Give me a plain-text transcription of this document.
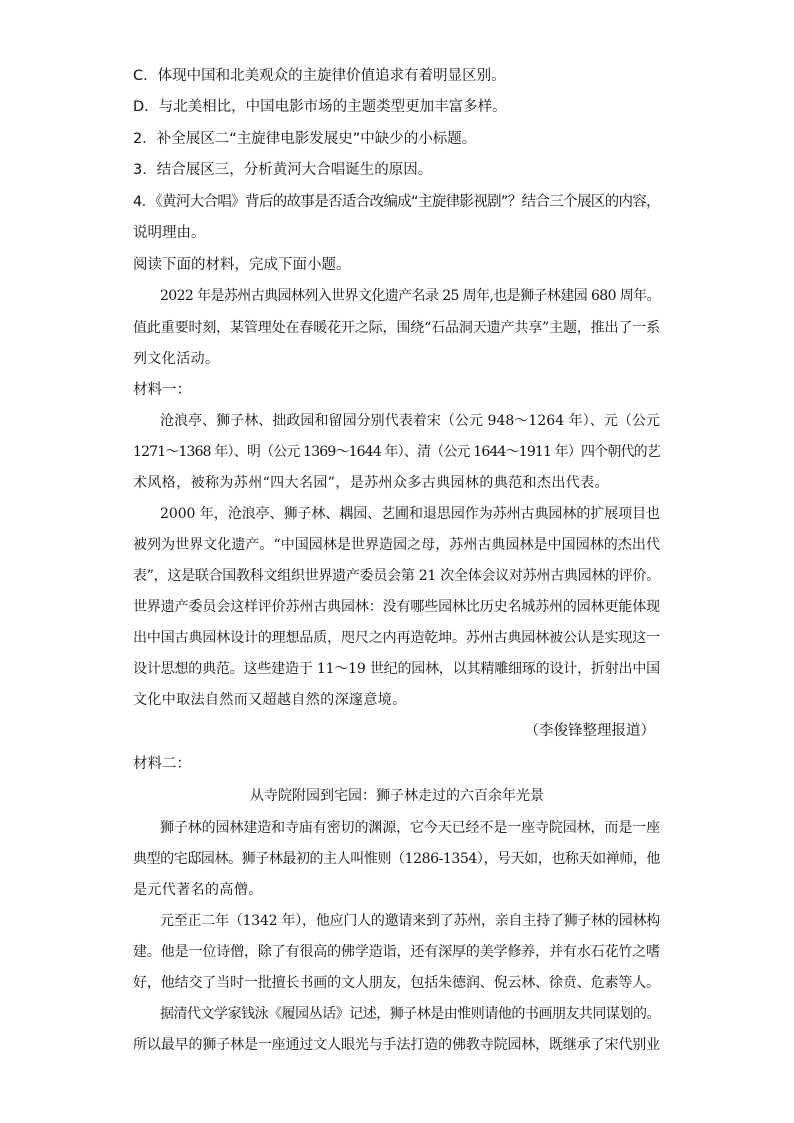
C．体现中国和北美观众的主旋律价值追求有着明显区别。
D．与北美相比，中国电影市场的主题类型更加丰富多样。
2．补全展区二“主旋律电影发展史”中缺少的小标题。
3．结合展区三，分析黄河大合唱诞生的原因。
4．《黄河大合唱》背后的故事是否适合改编成“主旋律影视剧”？结合三个展区的内容，
说明理由。
阅读下面的材料，完成下面小题。
2022 年是苏州古典园林列入世界文化遗产名录 25 周年,也是狮子林建园 680 周年。
值此重要时刻，某管理处在春暖花开之际，围绕“石品洞天遗产共享”主题，推出了一系
列文化活动。
材料一：
沧浪亭、狮子林、拙政园和留园分别代表着宋（公元 948～1264 年）、元（公元
1271～1368 年）、明（公元 1369～1644 年）、清（公元 1644～1911 年）四个朝代的艺
术风格，被称为苏州“四大名园”，是苏州众多古典园林的典范和杰出代表。
2000 年，沧浪亭、狮子林、耦园、艺圃和退思园作为苏州古典园林的扩展项目也
被列为世界文化遗产。“中国园林是世界造园之母，苏州古典园林是中国园林的杰出代
表”，这是联合国教科文组织世界遗产委员会第 21 次全体会议对苏州古典园林的评价。
世界遗产委员会这样评价苏州古典园林：没有哪些园林比历史名城苏州的园林更能体现
出中国古典园林设计的理想品质，咫尺之内再造乾坤。苏州古典园林被公认是实现这一
设计思想的典范。这些建造于 11～19 世纪的园林，以其精雕细琢的设计，折射出中国
文化中取法自然而又超越自然的深邃意境。
（李俊锋整理报道）
材料二：
从寺院附园到宅园：狮子林走过的六百余年光景
狮子林的园林建造和寺庙有密切的渊源，它今天已经不是一座寺院园林，而是一座
典型的宅邸园林。狮子林最初的主人叫惟则（1286-1354），号天如，也称天如禅师，他
是元代著名的高僧。
元至正二年（1342 年），他应门人的邀请来到了苏州，亲自主持了狮子林的园林构
建。他是一位诗僧，除了有很高的佛学造诣，还有深厚的美学修养，并有水石花竹之嗜
好，他结交了当时一批擅长书画的文人朋友，包括朱德润、倪云林、徐贲、危素等人。
据清代文学家钱泳《履园丛话》记述，狮子林是由惟则请他的书画朋友共同谋划的。
所以最早的狮子林是一座通过文人眼光与手法打造的佛教寺院园林，既继承了宋代别业
